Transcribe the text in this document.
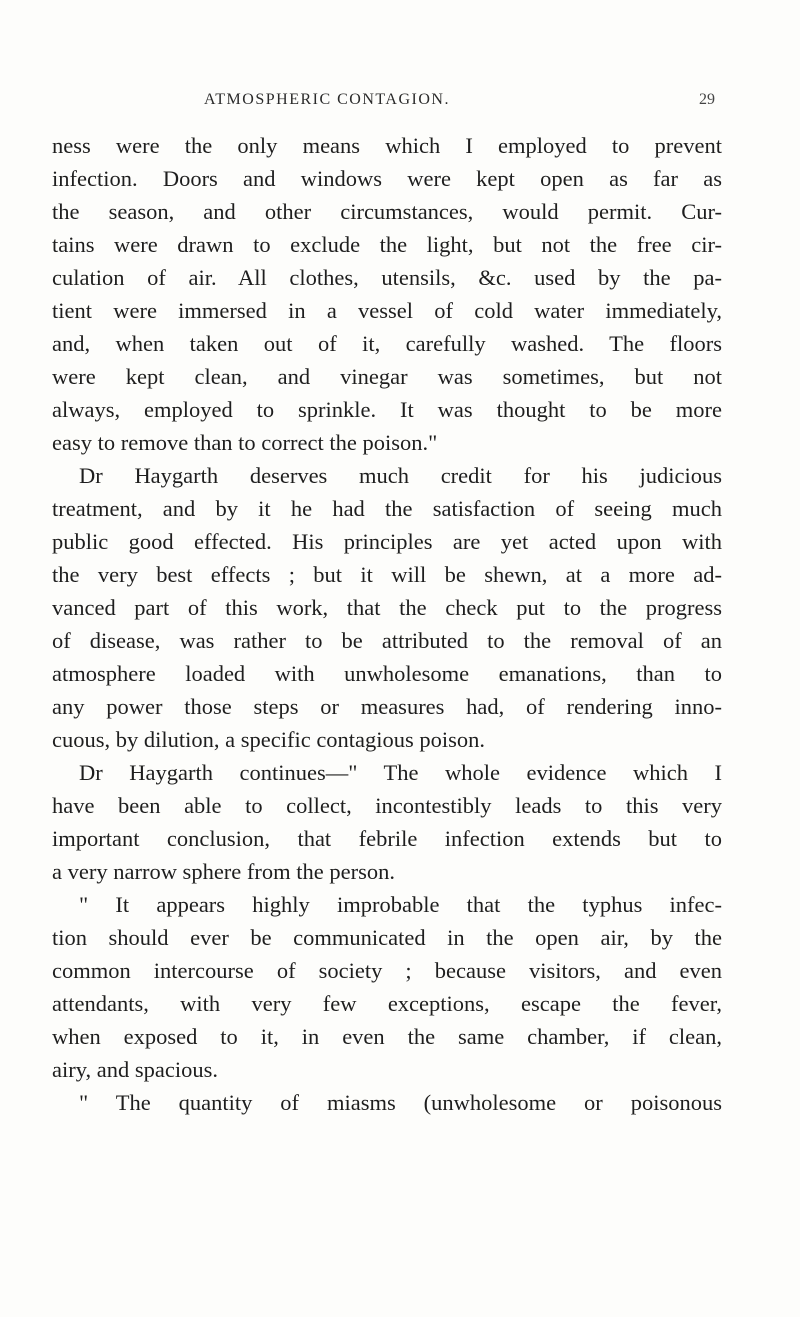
ATMOSPHERIC CONTAGION.	29
ness were the only means which I employed to prevent
infection. Doors and windows were kept open as far as
the season, and other circumstances, would permit. Cur-
tains were drawn to exclude the light, but not the free cir-
culation of air. All clothes, utensils, &c. used by the pa-
tient were immersed in a vessel of cold water immediately,
and, when taken out of it, carefully washed. The floors
were kept clean, and vinegar was sometimes, but not
always, employed to sprinkle. It was thought to be more
easy to remove than to correct the poison."
Dr Haygarth deserves much credit for his judicious
treatment, and by it he had the satisfaction of seeing much
public good effected. His principles are yet acted upon with
the very best effects ; but it will be shewn, at a more ad-
vanced part of this work, that the check put to the progress
of disease, was rather to be attributed to the removal of an
atmosphere loaded with unwholesome emanations, than to
any power those steps or measures had, of rendering inno-
cuous, by dilution, a specific contagious poison.
Dr Haygarth continues—" The whole evidence which I
have been able to collect, incontestibly leads to this very
important conclusion, that febrile infection extends but to
a very narrow sphere from the person.
" It appears highly improbable that the typhus infec-
tion should ever be communicated in the open air, by the
common intercourse of society ; because visitors, and even
attendants, with very few exceptions, escape the fever,
when exposed to it, in even the same chamber, if clean,
airy, and spacious.
" The quantity of miasms (unwholesome or poisonous
